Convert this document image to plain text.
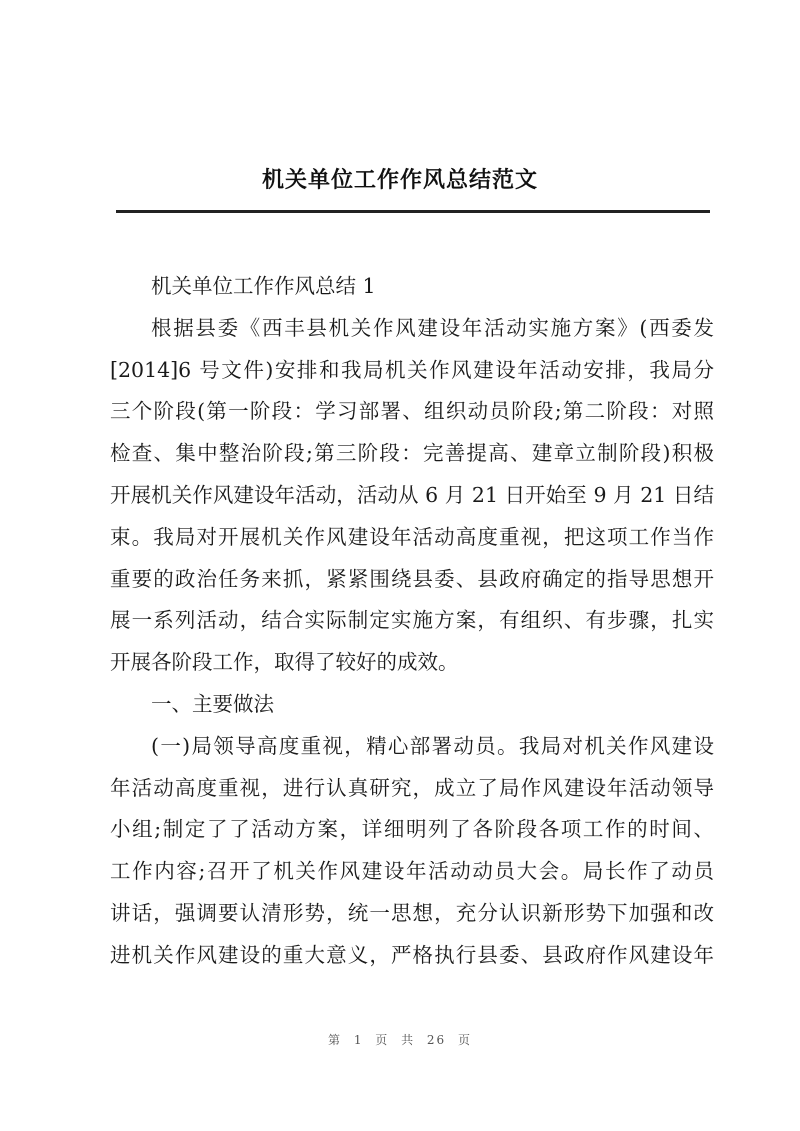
机关单位工作作风总结范文
机关单位工作作风总结 1
根据县委《西丰县机关作风建设年活动实施方案》(西委发
[2014]6 号文件)安排和我局机关作风建设年活动安排，我局分
三个阶段(第一阶段：学习部署、组织动员阶段;第二阶段：对照
检查、集中整治阶段;第三阶段：完善提高、建章立制阶段)积极
开展机关作风建设年活动，活动从 6 月 21 日开始至 9 月 21 日结
束。我局对开展机关作风建设年活动高度重视，把这项工作当作
重要的政治任务来抓，紧紧围绕县委、县政府确定的指导思想开
展一系列活动，结合实际制定实施方案，有组织、有步骤，扎实
开展各阶段工作，取得了较好的成效。
一、主要做法
(一)局领导高度重视，精心部署动员。我局对机关作风建设
年活动高度重视，进行认真研究，成立了局作风建设年活动领导
小组;制定了了活动方案，详细明列了各阶段各项工作的时间、
工作内容;召开了机关作风建设年活动动员大会。局长作了动员
讲话，强调要认清形势，统一思想，充分认识新形势下加强和改
进机关作风建设的重大意义，严格执行县委、县政府作风建设年
第 1 页 共 26 页
